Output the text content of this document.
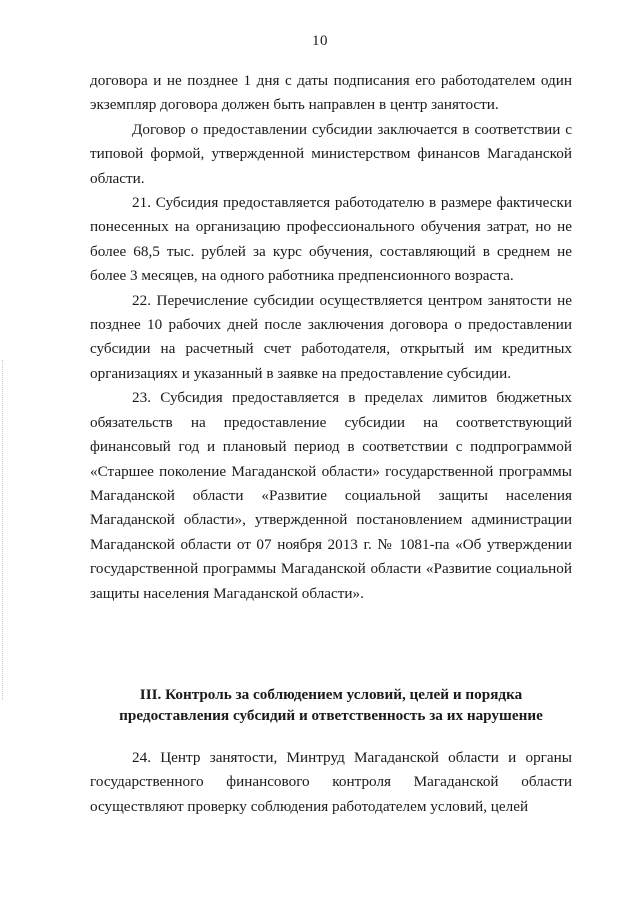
10

договора и не позднее 1 дня с даты подписания его работодателем один экземпляр договора должен быть направлен в центр занятости.

Договор о предоставлении субсидии заключается в соответствии с типовой формой, утвержденной министерством финансов Магаданской области.

21. Субсидия предоставляется работодателю в размере фактически понесенных на организацию профессионального обучения затрат, но не более 68,5 тыс. рублей за курс обучения, составляющий в среднем не более 3 месяцев, на одного работника предпенсионного возраста.

22. Перечисление субсидии осуществляется центром занятости не позднее 10 рабочих дней после заключения договора о предоставлении субсидии на расчетный счет работодателя, открытый им кредитных организациях и указанный в заявке на предоставление субсидии.

23. Субсидия предоставляется в пределах лимитов бюджетных обязательств на предоставление субсидии на соответствующий финансовый год и плановый период в соответствии с подпрограммой «Старшее поколение Магаданской области» государственной программы Магаданской области «Развитие социальной защиты населения Магаданской области», утвержденной постановлением администрации Магаданской области от 07 ноября 2013 г. № 1081-па «Об утверждении государственной программы Магаданской области «Развитие социальной защиты населения Магаданской области».

III. Контроль за соблюдением условий, целей и порядка
предоставления субсидий и ответственность за их нарушение

24. Центр занятости, Минтруд Магаданской области и органы государственного финансового контроля Магаданской области осуществляют проверку соблюдения работодателем условий, целей
